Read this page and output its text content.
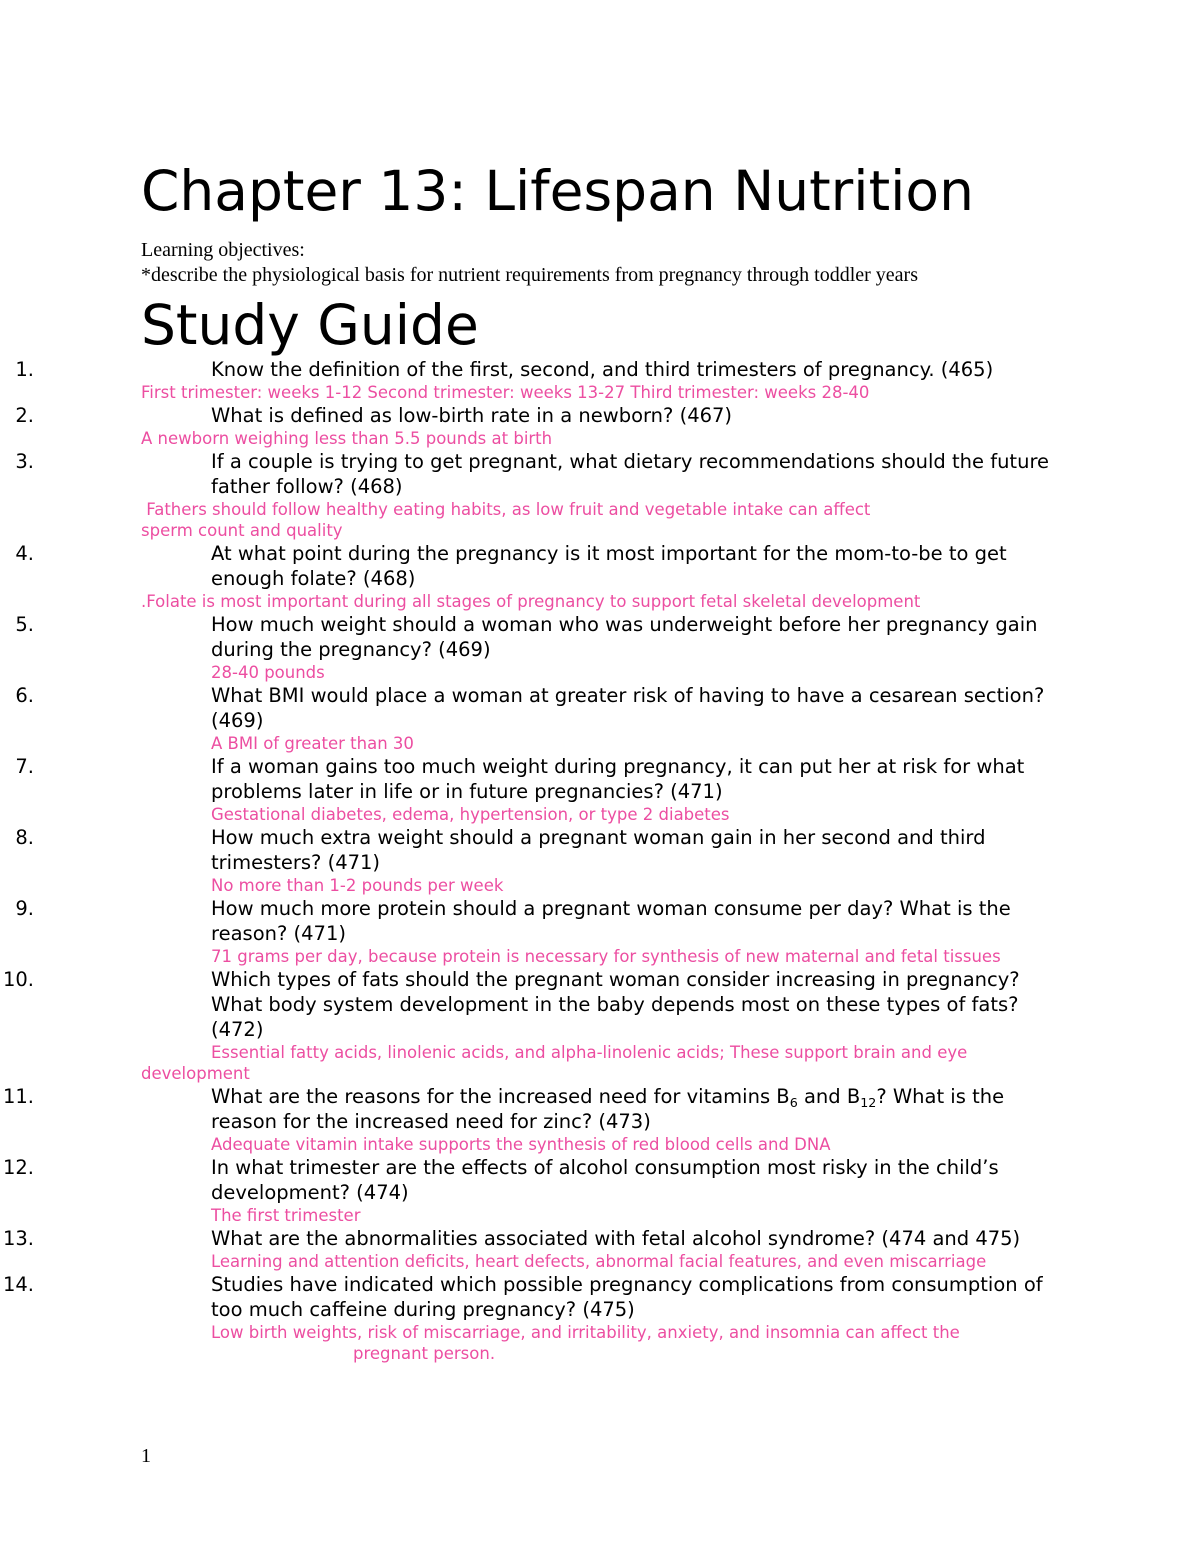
Chapter 13: Lifespan Nutrition
Learning objectives:
*describe the physiological basis for nutrient requirements from pregnancy through toddler years
Study Guide
1.	Know the definition of the first, second, and third trimesters of pregnancy. (465)
First trimester: weeks 1-12 Second trimester: weeks 13-27 Third trimester: weeks 28-40
2.	What is defined as low-birth rate in a newborn? (467)
A newborn weighing less than 5.5 pounds at birth
3.	If a couple is trying to get pregnant, what dietary recommendations should the future father follow? (468)
Fathers should follow healthy eating habits, as low fruit and vegetable intake can affect
sperm count and quality
4.	At what point during the pregnancy is it most important for the mom-to-be to get enough folate? (468)
.Folate is most important during all stages of pregnancy to support fetal skeletal development
5.	How much weight should a woman who was underweight before her pregnancy gain during the pregnancy? (469)
28-40 pounds
6.	What BMI would place a woman at greater risk of having to have a cesarean section? (469)
A BMI of greater than 30
7.	If a woman gains too much weight during pregnancy, it can put her at risk for what problems later in life or in future pregnancies? (471)
Gestational diabetes, edema, hypertension, or type 2 diabetes
8.	How much extra weight should a pregnant woman gain in her second and third trimesters? (471)
No more than 1-2 pounds per week
9.	How much more protein should a pregnant woman consume per day? What is the reason? (471)
71 grams per day, because protein is necessary for synthesis of new maternal and fetal tissues
10.	Which types of fats should the pregnant woman consider increasing in pregnancy? What body system development in the baby depends most on these types of fats? (472)
Essential fatty acids, linolenic acids, and alpha-linolenic acids; These support brain and eye
development
11.	What are the reasons for the increased need for vitamins $B_6$ and $B_{12}$? What is the reason for the increased need for zinc? (473)
Adequate vitamin intake supports the synthesis of red blood cells and DNA
12.	In what trimester are the effects of alcohol consumption most risky in the child’s development? (474)
The first trimester
13.	What are the abnormalities associated with fetal alcohol syndrome? (474 and 475)
Learning and attention deficits, heart defects, abnormal facial features, and even miscarriage
14.	Studies have indicated which possible pregnancy complications from consumption of too much caffeine during pregnancy? (475)
Low birth weights, risk of miscarriage, and irritability, anxiety, and insomnia can affect the
pregnant person.
1
